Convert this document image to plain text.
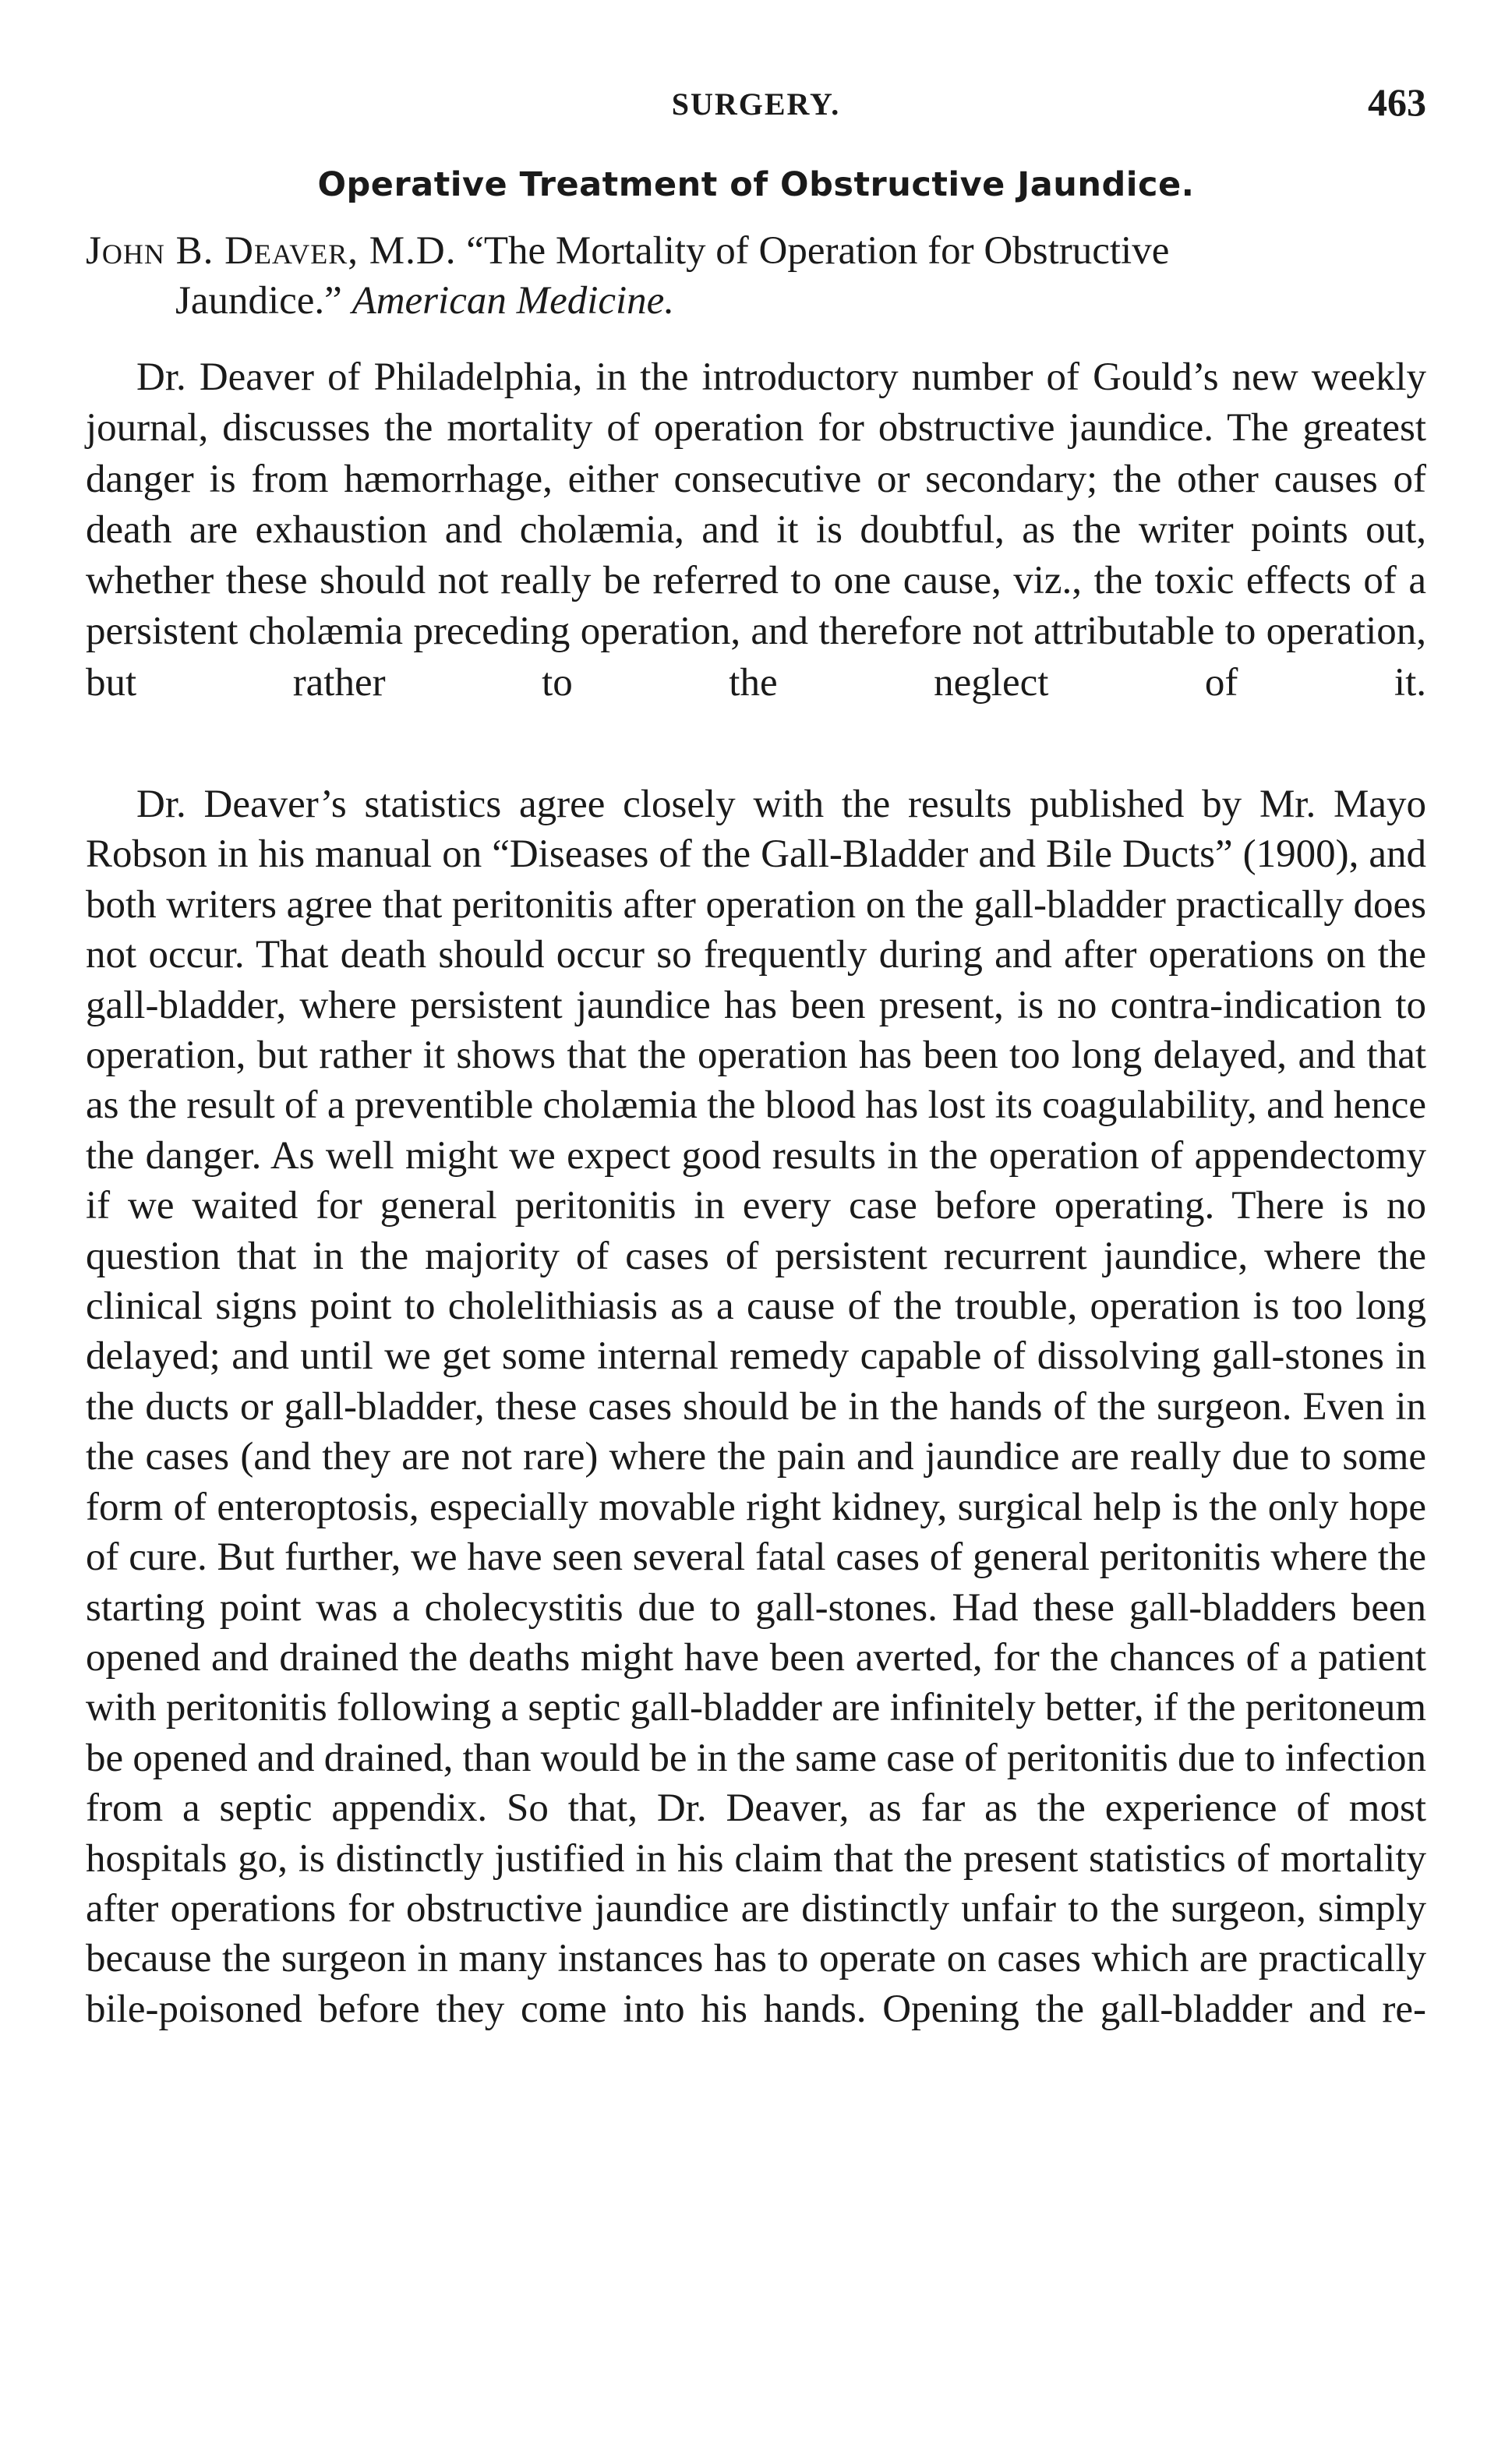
SURGERY.	463
Operative Treatment of Obstructive Jaundice.
John B. Deaver, M.D. “The Mortality of Operation for Obstructive
Jaundice.” American Medicine.

Dr. Deaver of Philadelphia, in the introductory number of Gould’s new weekly journal, discusses the mortality of operation for obstructive jaundice. The greatest danger is from hæmorrhage, either consecutive or secondary; the other causes of death are exhaustion and cholæmia, and it is doubtful, as the writer points out, whether these should not really be referred to one cause, viz., the toxic effects of a persistent cholæmia preceding operation, and therefore not attributable to operation, but rather to the neglect of it.

Dr. Deaver’s statistics agree closely with the results published by Mr. Mayo Robson in his manual on “Diseases of the Gall-Bladder and Bile Ducts” (1900), and both writers agree that peritonitis after operation on the gall-bladder practically does not occur. That death should occur so frequently during and after operations on the gall-bladder, where persistent jaundice has been present, is no contra-indication to operation, but rather it shows that the operation has been too long delayed, and that as the result of a preventible cholæmia the blood has lost its coagulability, and hence the danger. As well might we expect good results in the operation of appendectomy if we waited for general peritonitis in every case before operating. There is no question that in the majority of cases of persistent recurrent jaundice, where the clinical signs point to cholelithiasis as a cause of the trouble, operation is too long delayed; and until we get some internal remedy capable of dissolving gall-stones in the ducts or gall-bladder, these cases should be in the hands of the surgeon. Even in the cases (and they are not rare) where the pain and jaundice are really due to some form of enteroptosis, especially movable right kidney, surgical help is the only hope of cure. But further, we have seen several fatal cases of general peritonitis where the starting point was a cholecystitis due to gall-stones. Had these gall-bladders been opened and drained the deaths might have been averted, for the chances of a patient with peritonitis following a septic gall-bladder are infinitely better, if the peritoneum be opened and drained, than would be in the same case of peritonitis due to infection from a septic appendix. So that, Dr. Deaver, as far as the experience of most hospitals go, is distinctly justified in his claim that the present statistics of mortality after operations for obstructive jaundice are distinctly unfair to the surgeon, simply because the surgeon in many instances has to operate on cases which are practically bile-poisoned before they come into his hands. Opening the gall-bladder and re-
